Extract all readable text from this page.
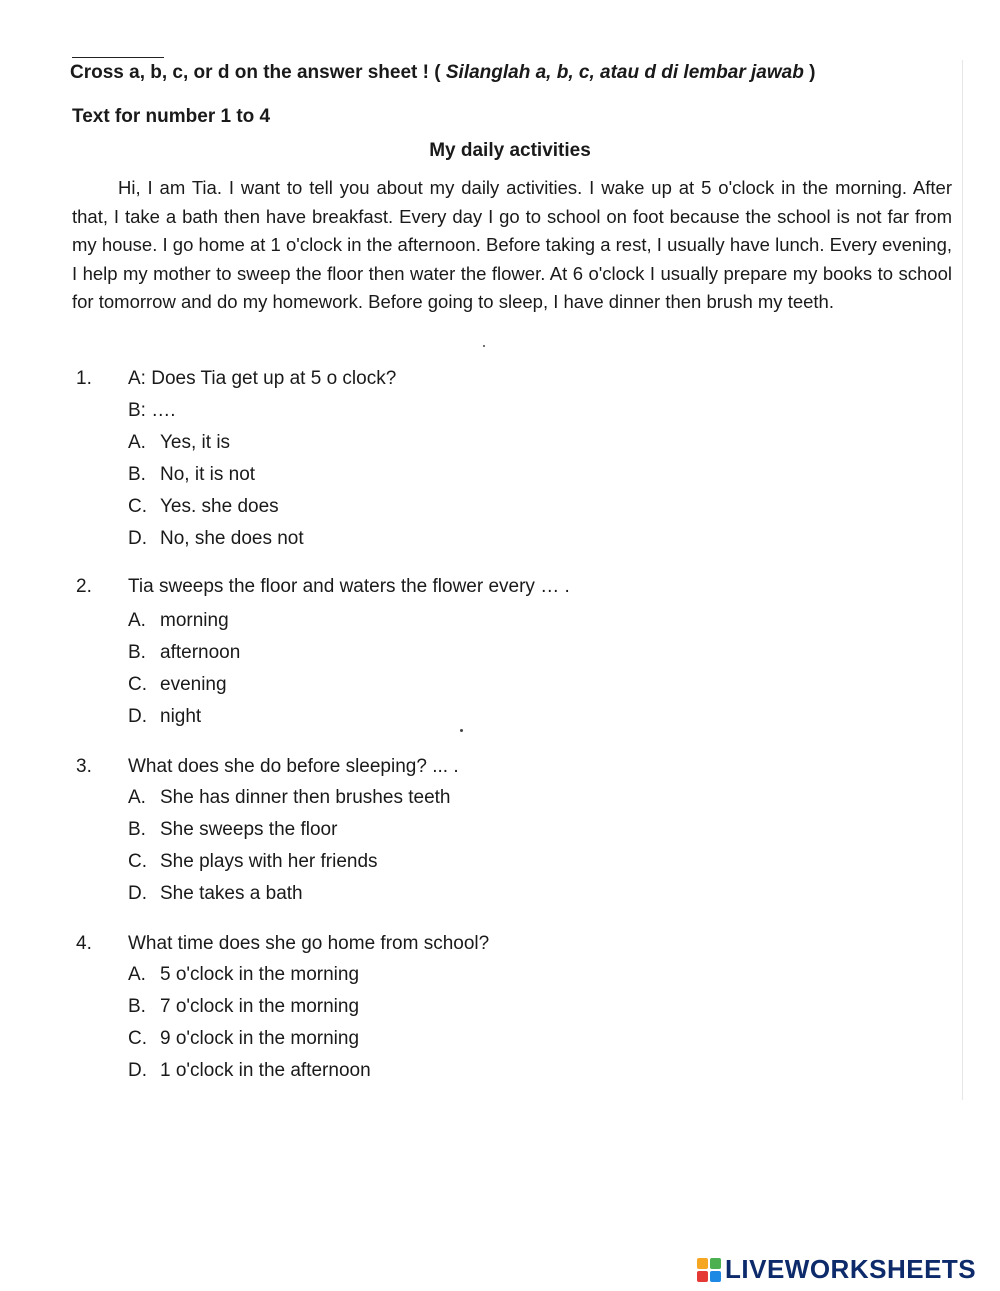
Cross a, b, c, or d on the answer sheet ! ( Silanglah a, b, c, atau d di lembar jawab )
Text for number 1 to 4
My daily activities
Hi, I am Tia. I want to tell you about my daily activities. I wake up at 5 o'clock in the morning. After that, I take a bath then have breakfast. Every day I go to school on foot because the school is not far from my house. I go home at 1 o'clock in the afternoon. Before taking a rest, I usually have lunch. Every evening, I help my mother to sweep the floor then water the flower. At 6 o'clock I usually prepare my books to school for tomorrow and do my homework. Before going to sleep, I have dinner then brush my teeth.
1.	A: Does Tia get up at 5 o clock?
B: ….
A. Yes, it is
B. No, it is not
C. Yes. she does
D. No, she does not
2.	Tia sweeps the floor and waters the flower every … .
A. morning
B. afternoon
C. evening
D. night
3.	What does she do before sleeping? ... .
A. She has dinner then brushes teeth
B. She sweeps the floor
C. She plays with her friends
D. She takes a bath
4.	What time does she go home from school?
A. 5 o'clock in the morning
B. 7 o'clock in the morning
C. 9 o'clock in the morning
D. 1 o'clock in the afternoon
LIVEWORKSHEETS
